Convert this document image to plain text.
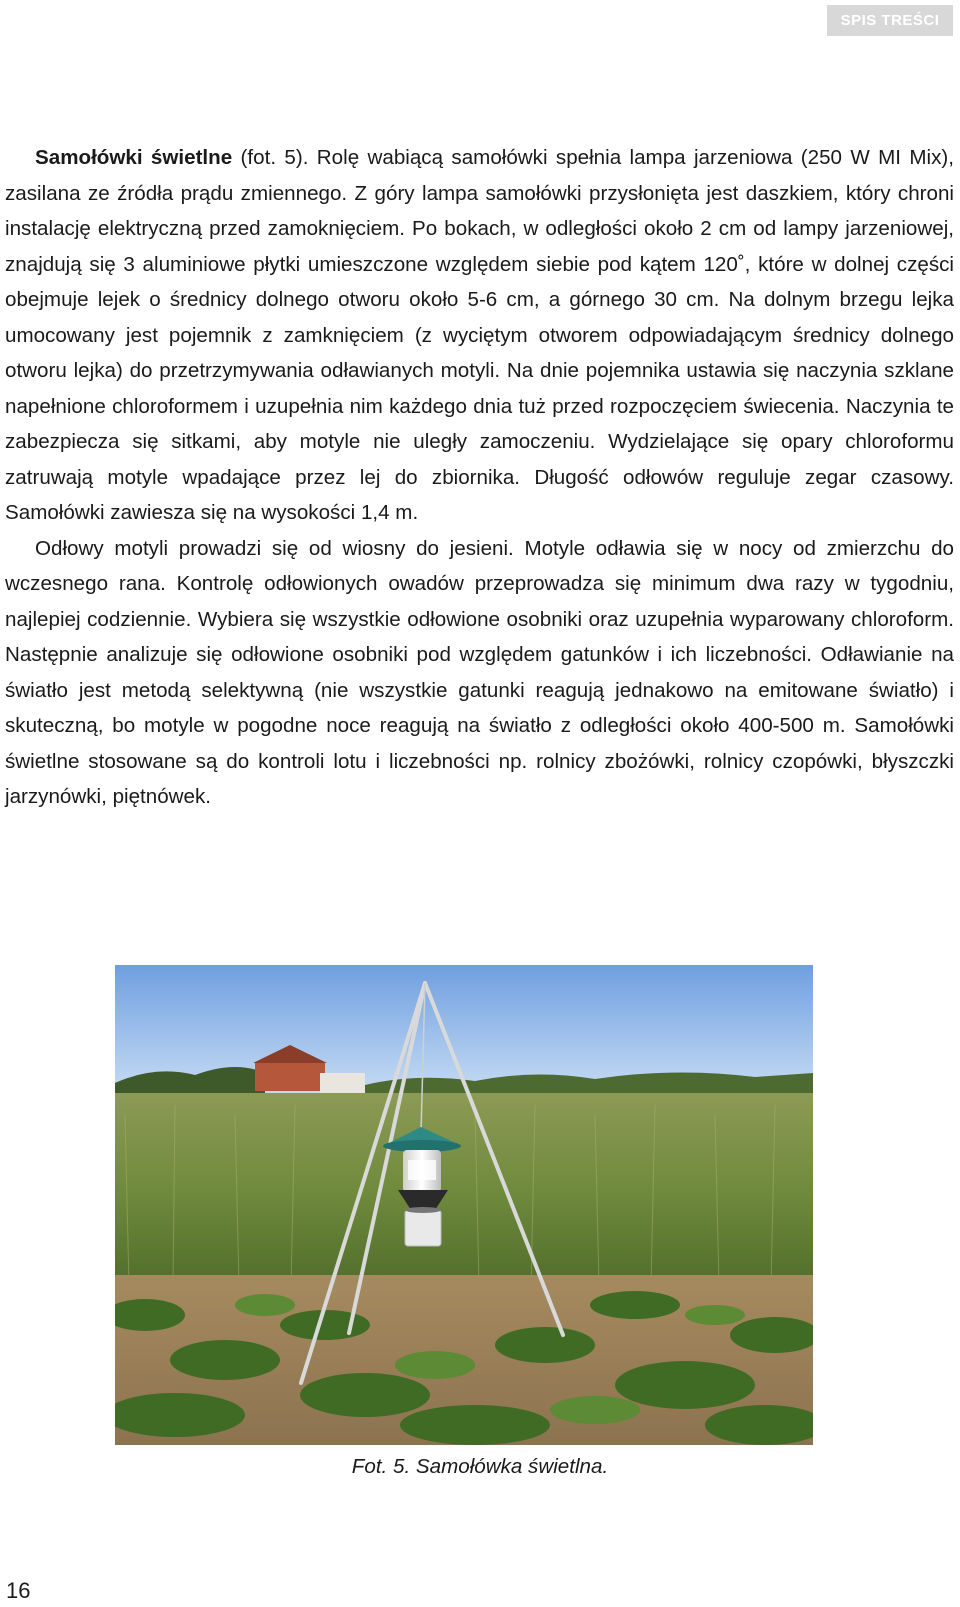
SPIS TREŚCI

Samołówki świetlne (fot. 5). Rolę wabiącą samołówki spełnia lampa jarzeniowa (250 W MI Mix), zasilana ze źródła prądu zmiennego. Z góry lampa samołówki przysłonięta jest daszkiem, który chroni instalację elektryczną przed zamoknięciem. Po bokach, w odległości około 2 cm od lampy jarzeniowej, znajdują się 3 aluminiowe płytki umieszczone względem siebie pod kątem 120˚, które w dolnej części obejmuje lejek o średnicy dolnego otworu około 5-6 cm, a górnego 30 cm. Na dolnym brzegu lejka umocowany jest pojemnik z zamknięciem (z wyciętym otworem odpowiadającym średnicy dolnego otworu lejka) do przetrzymywania odławianych motyli. Na dnie pojemnika ustawia się naczynia szklane napełnione chloroformem i uzupełnia nim każdego dnia tuż przed rozpoczęciem świecenia. Naczynia te zabezpiecza się sitkami, aby motyle nie uległy zamoczeniu. Wydzielające się opary chloroformu zatruwają motyle wpadające przez lej do zbiornika. Długość odłowów reguluje zegar czasowy. Samołówki zawiesza się na wysokości 1,4 m.

Odłowy motyli prowadzi się od wiosny do jesieni. Motyle odławia się w nocy od zmierzchu do wczesnego rana. Kontrolę odłowionych owadów przeprowadza się minimum dwa razy w tygodniu, najlepiej codziennie. Wybiera się wszystkie odłowione osobniki oraz uzupełnia wyparowany chloroform. Następnie analizuje się odłowione osobniki pod względem gatunków i ich liczebności. Odławianie na światło jest metodą selektywną (nie wszystkie gatunki reagują jednakowo na emitowane światło) i skuteczną, bo motyle w pogodne noce reagują na światło z odległości około 400-500 m. Samołówki świetlne stosowane są do kontroli lotu i liczebności np. rolnicy zbożówki, rolnicy czopówki, błyszczki jarzynówki, piętnówek.

Fot. 5. Samołówka świetlna.
16
